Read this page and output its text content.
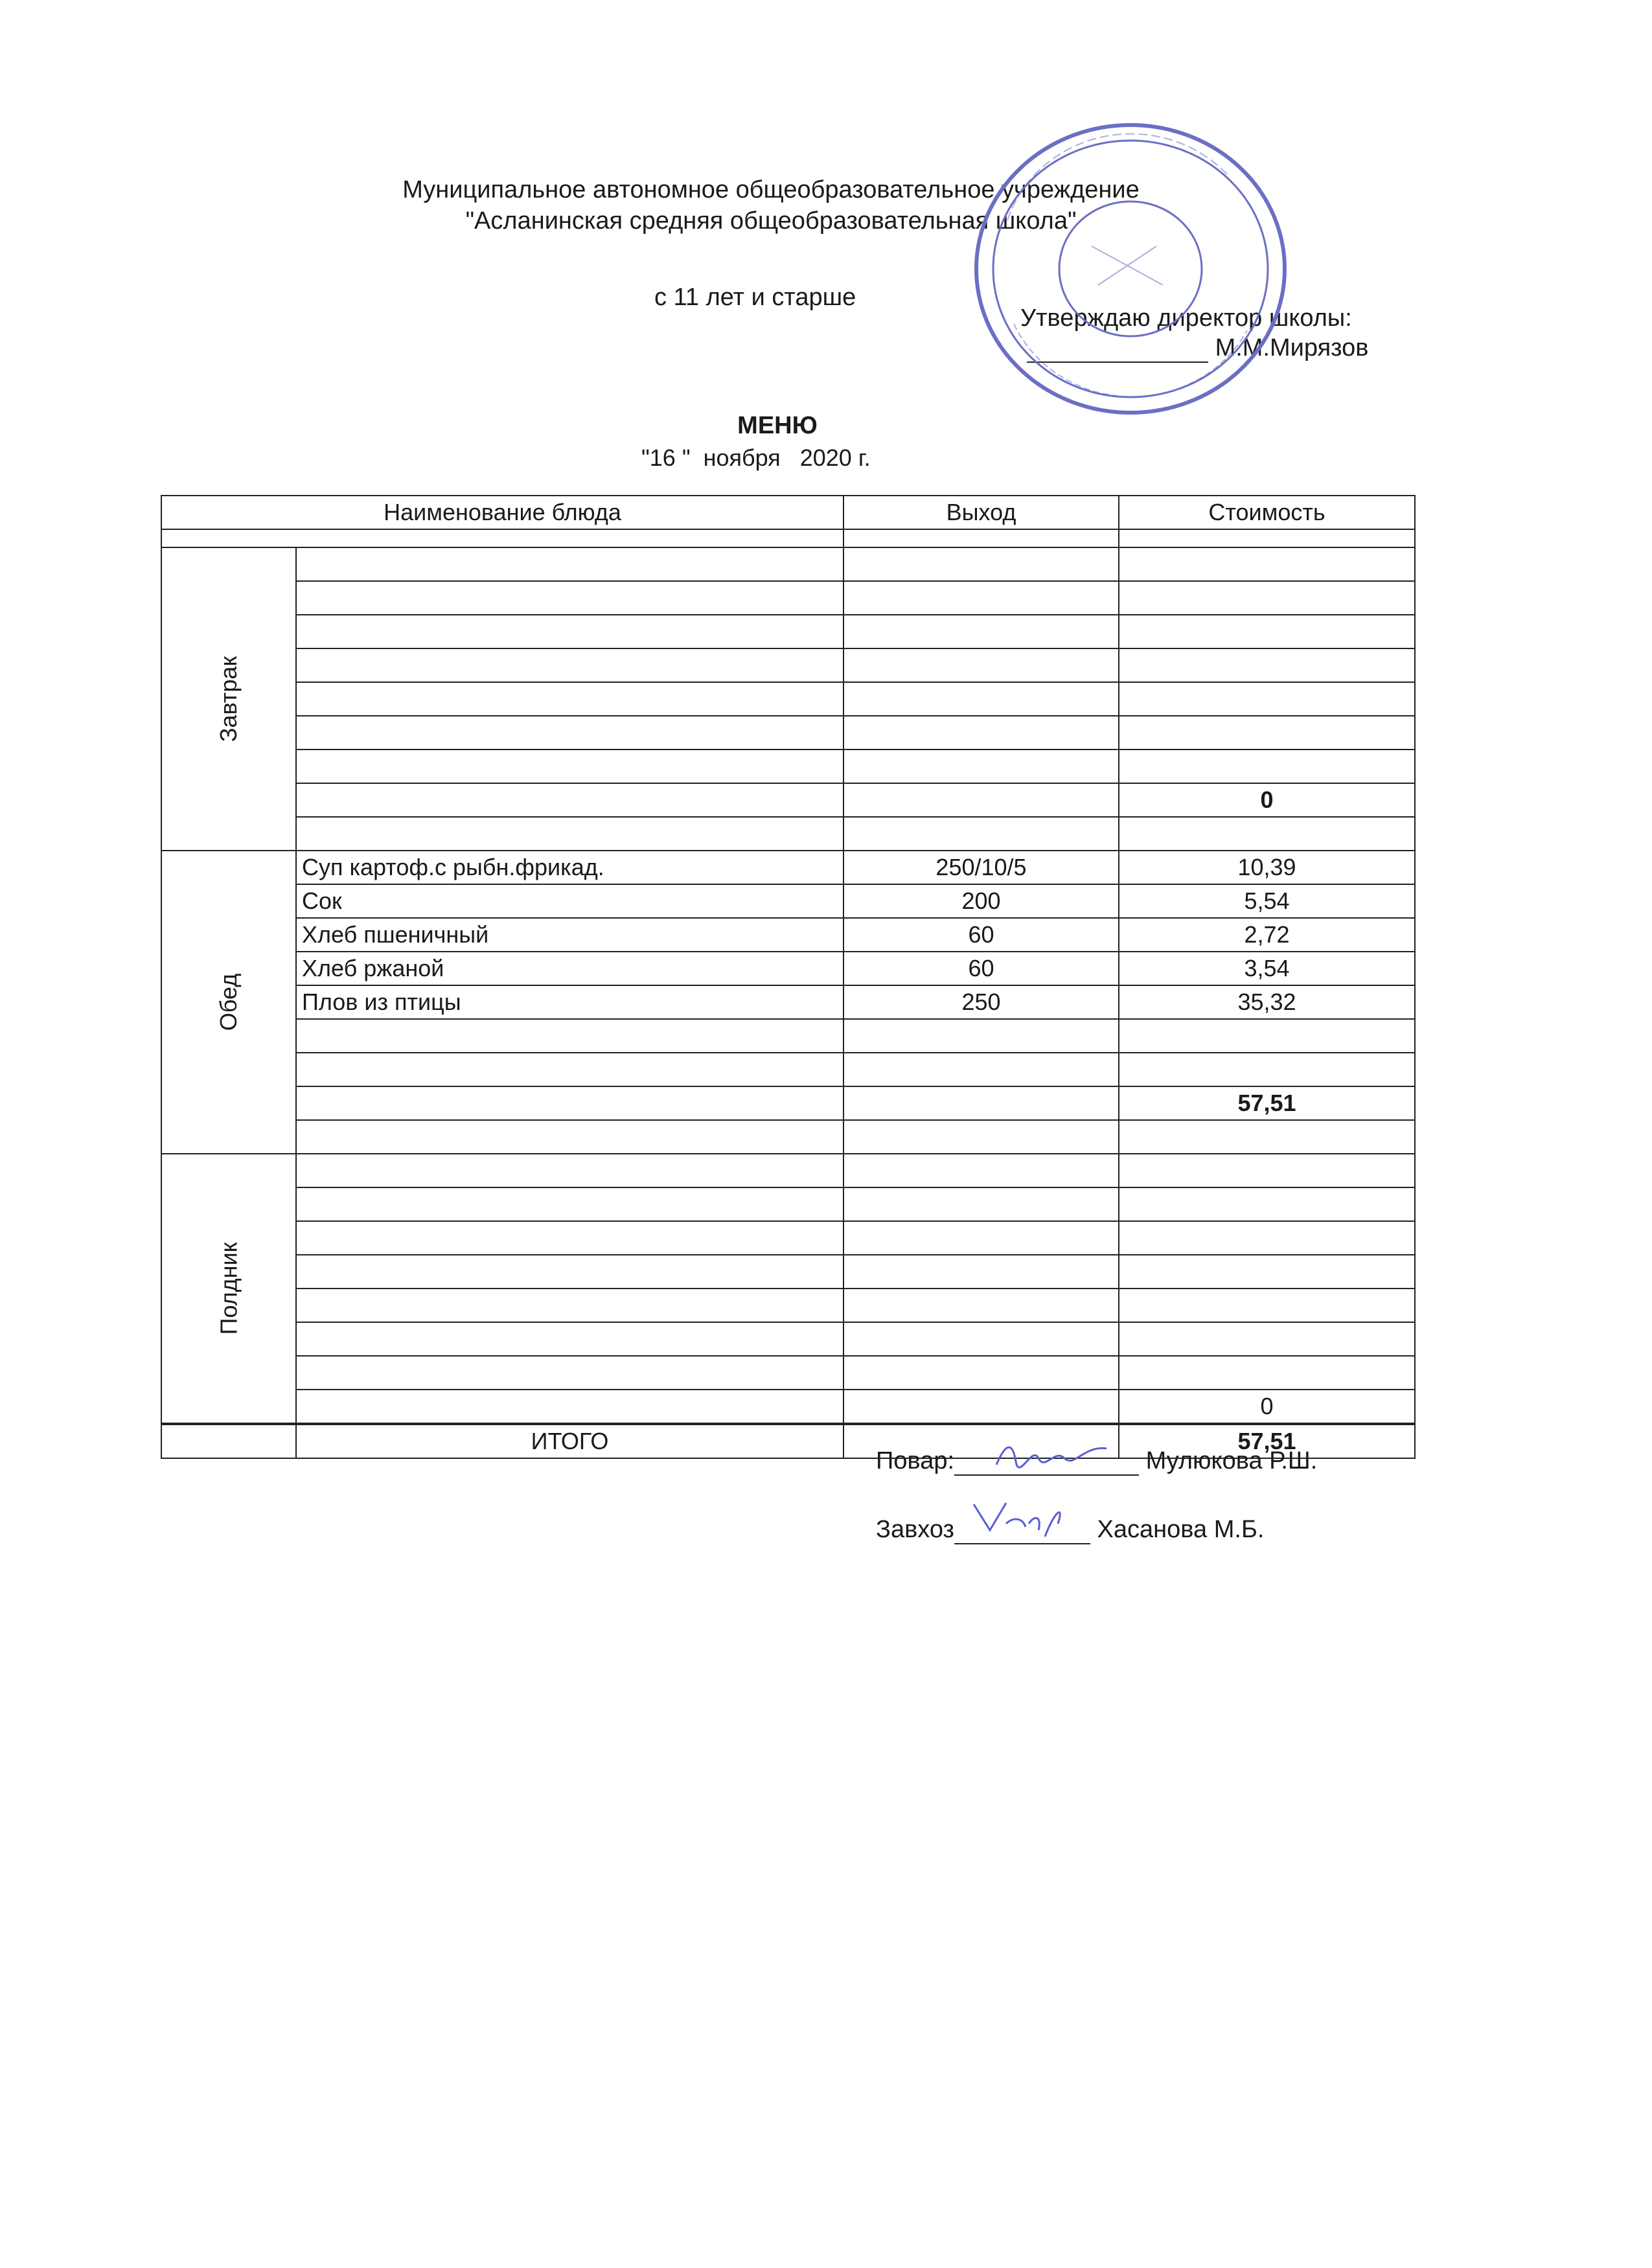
Муниципальное автономное общеобразовательное учреждение
"Асланинская средняя общеобразовательная школа"
с 11 лет и старше
Утверждаю директор школы:
М.М.Мирязов
МЕНЮ
"16 "  ноября   2020 г.
Наименование блюда		Выход	Стоимость

Завтрак			

			0

Обед	Суп картоф.с рыбн.фрикад.	250/10/5	10,39
	Сок	200	5,54
	Хлеб пшеничный	60	2,72
	Хлеб ржаной	60	3,54
	Плов из птицы	250	35,32

			57,51

Полдник			

			0
	ИТОГО		57,51
Повар:	Мулюкова Р.Ш.
Завхоз	Хасанова М.Б.
